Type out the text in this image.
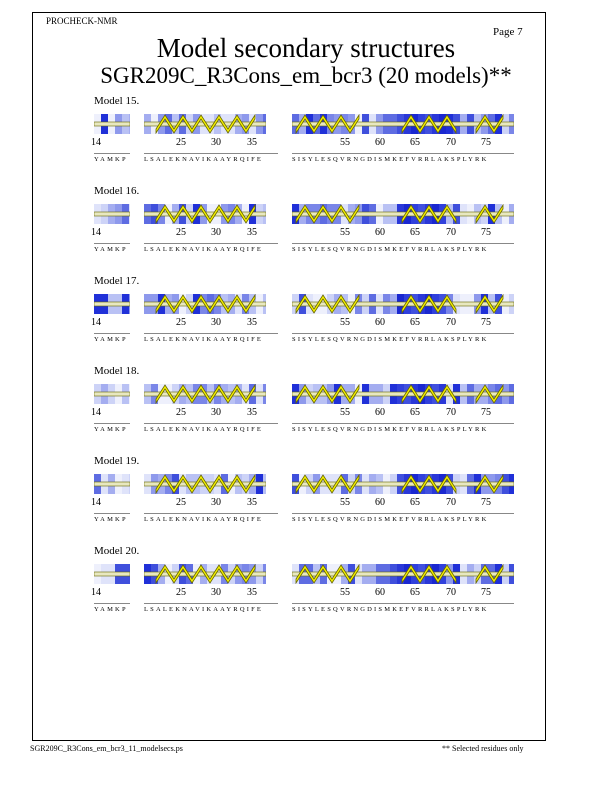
PROCHECK-NMR
Page 7
Model secondary structures
SGR209C_R3Cons_em_bcr3 (20 models)**
Model 15.
14	25	30	35	55	60	65	70	75
YAMKP LSALEKNAVIKAAYRQIFE	SISYLESQVRNGDISMKEFVRRLAKSPLYRK
Model 16.
14	25	30	35	55	60	65	70	75
YAMKP LSALEKNAVIKAAYRQIFE	SISYLESQVRNGDISMKEFVRRLAKSPLYRK
Model 17.
14	25	30	35	55	60	65	70	75
YAMKP LSALEKNAVIKAAYRQIFE	SISYLESQVRNGDISMKEFVRRLAKSPLYRK
Model 18.
14	25	30	35	55	60	65	70	75
YAMKP LSALEKNAVIKAAYRQIFE	SISYLESQVRNGDISMKEFVRRLAKSPLYRK
Model 19.
14	25	30	35	55	60	65	70	75
YAMKP LSALEKNAVIKAAYRQIFE	SISYLESQVRNGDISMKEFVRRLAKSPLYRK
Model 20.
14	25	30	35	55	60	65	70	75
YAMKP LSALEKNAVIKAAYRQIFE	SISYLESQVRNGDISMKEFVRRLAKSPLYRK
SGR209C_R3Cons_em_bcr3_11_modelsecs.ps	** Selected residues only
